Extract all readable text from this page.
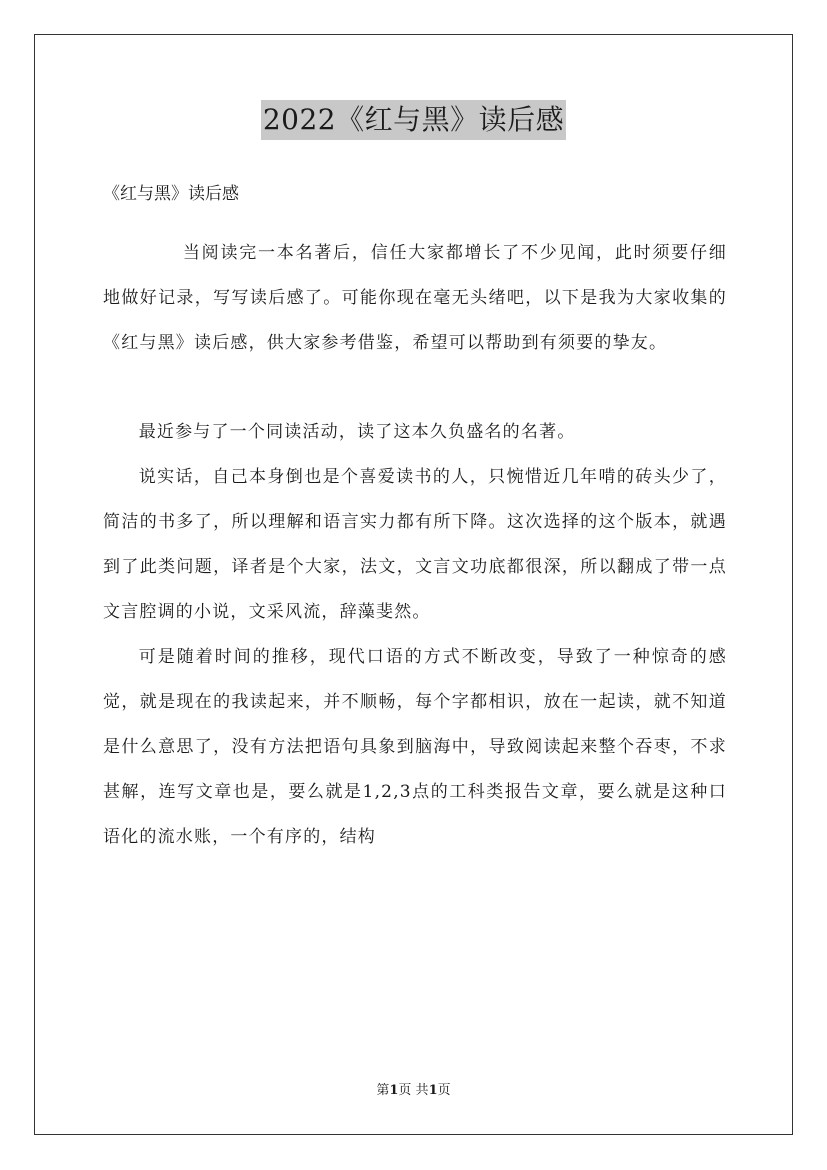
2022《红与黑》读后感
《红与黑》读后感

当阅读完一本名著后，信任大家都增长了不少见闻，此时须要仔细地做好记录，写写读后感了。可能你现在毫无头绪吧，以下是我为大家收集的《红与黑》读后感，供大家参考借鉴，希望可以帮助到有须要的挚友。

最近参与了一个同读活动，读了这本久负盛名的名著。

说实话，自己本身倒也是个喜爱读书的人，只惋惜近几年啃的砖头少了，简洁的书多了，所以理解和语言实力都有所下降。这次选择的这个版本，就遇到了此类问题，译者是个大家，法文，文言文功底都很深，所以翻成了带一点文言腔调的小说，文采风流，辞藻斐然。

可是随着时间的推移，现代口语的方式不断改变，导致了一种惊奇的感觉，就是现在的我读起来，并不顺畅，每个字都相识，放在一起读，就不知道是什么意思了，没有方法把语句具象到脑海中，导致阅读起来整个吞枣，不求甚解，连写文章也是，要么就是1,2,3点的工科类报告文章，要么就是这种口语化的流水账，一个有序的，结构

第1页 共1页
